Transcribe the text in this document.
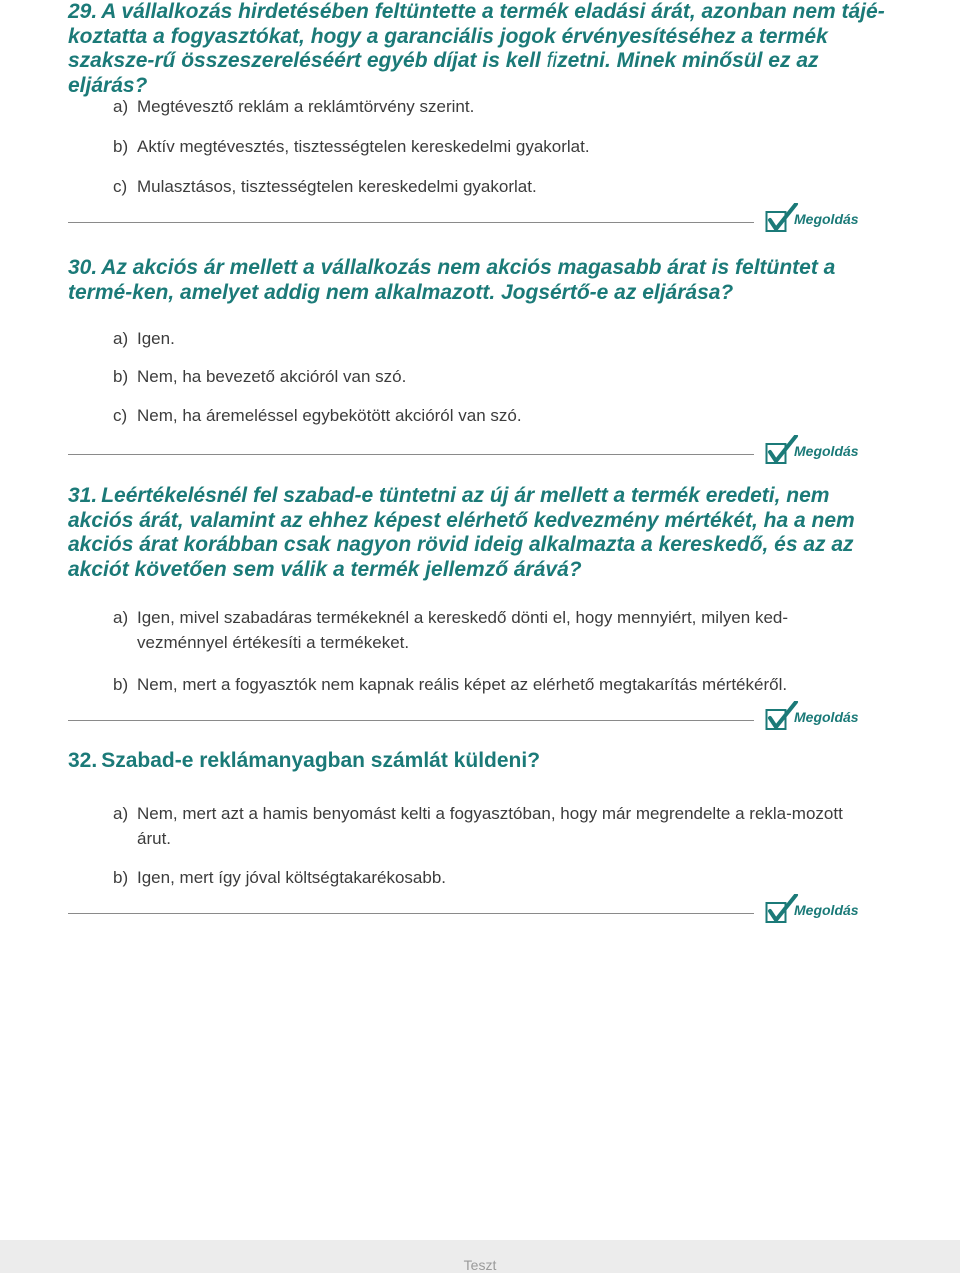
29. A vállalkozás hirdetésében feltüntette a termék eladási árát, azonban nem tájé-koztatta a fogyasztókat, hogy a garanciális jogok érvényesítéséhez a termék szaksze-rű összeszereléséért egyéb díjat is kell fizetni. Minek minősül ez az eljárás?
a) Megtévesztő reklám a reklámtörvény szerint.
b) Aktív megtévesztés, tisztességtelen kereskedelmi gyakorlat.
c) Mulasztásos, tisztességtelen kereskedelmi gyakorlat.
Megoldás
30. Az akciós ár mellett a vállalkozás nem akciós magasabb árat is feltüntet a termé-ken, amelyet addig nem alkalmazott. Jogsértő-e az eljárása?
a) Igen.
b) Nem, ha bevezető akcióról van szó.
c) Nem, ha áremeléssel egybekötött akcióról van szó.
Megoldás
31. Leértékelésnél fel szabad-e tüntetni az új ár mellett a termék eredeti, nem akciós árát, valamint az ehhez képest elérhető kedvezmény mértékét, ha a nem akciós árat korábban csak nagyon rövid ideig alkalmazta a kereskedő, és az az akciót követően sem válik a termék jellemző árává?
a) Igen, mivel szabadáras termékeknél a kereskedő dönti el, hogy mennyiért, milyen ked-vezménnyel értékesíti a termékeket.
b) Nem, mert a fogyasztók nem kapnak reális képet az elérhető megtakarítás mértékéről.
Megoldás
32. Szabad-e reklámanyagban számlát küldeni?
a) Nem, mert azt a hamis benyomást kelti a fogyasztóban, hogy már megrendelte a rekla-mozott árut.
b) Igen, mert így jóval költségtakarékosabb.
Megoldás
Teszt
